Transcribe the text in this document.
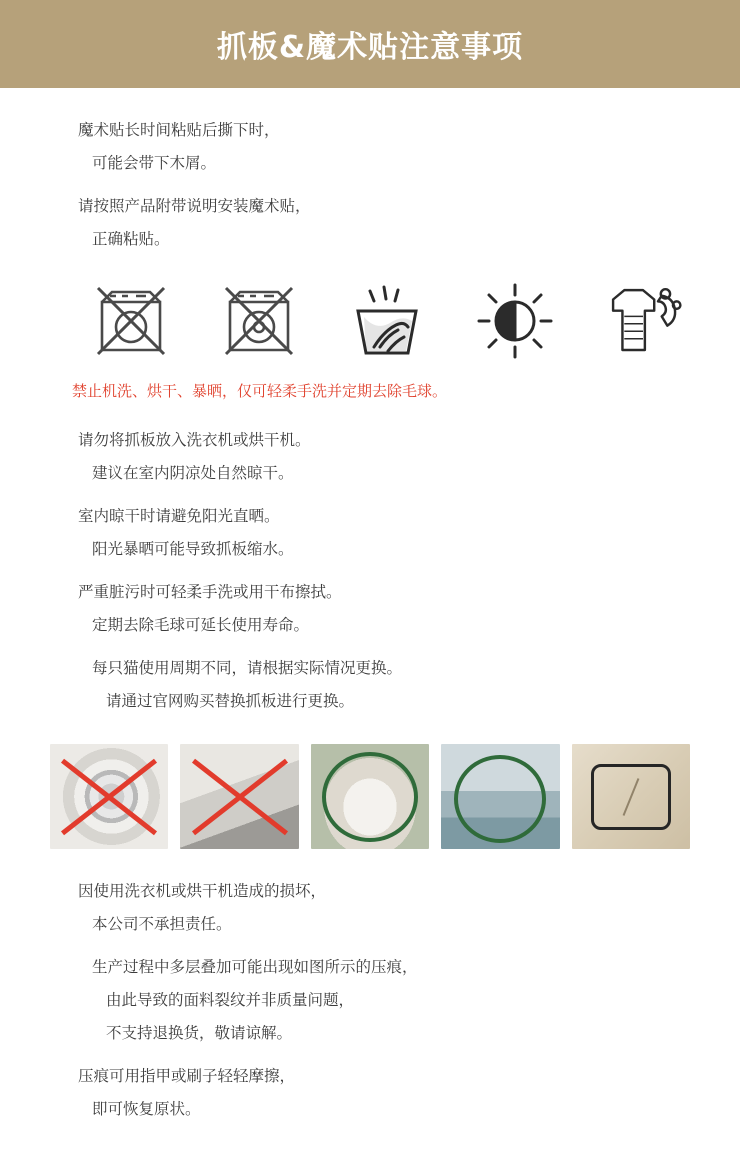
抓板&魔术贴注意事项
魔术贴长时间粘贴后撕下时，
可能会带下木屑。
请按照产品附带说明安装魔术贴，
正确粘贴。
禁止机洗、烘干、暴晒，仅可轻柔手洗并定期去除毛球。
请勿将抓板放入洗衣机或烘干机。
建议在室内阴凉处自然晾干。
室内晾干时请避免阳光直晒。
阳光暴晒可能导致抓板缩水。
严重脏污时可轻柔手洗或用干布擦拭。
定期去除毛球可延长使用寿命。
每只猫使用周期不同，请根据实际情况更换。
请通过官网购买替换抓板进行更换。
因使用洗衣机或烘干机造成的损坏，
本公司不承担责任。
生产过程中多层叠加可能出现如图所示的压痕，
由此导致的面料裂纹并非质量问题，
不支持退换货，敬请谅解。
压痕可用指甲或刷子轻轻摩擦，
即可恢复原状。
